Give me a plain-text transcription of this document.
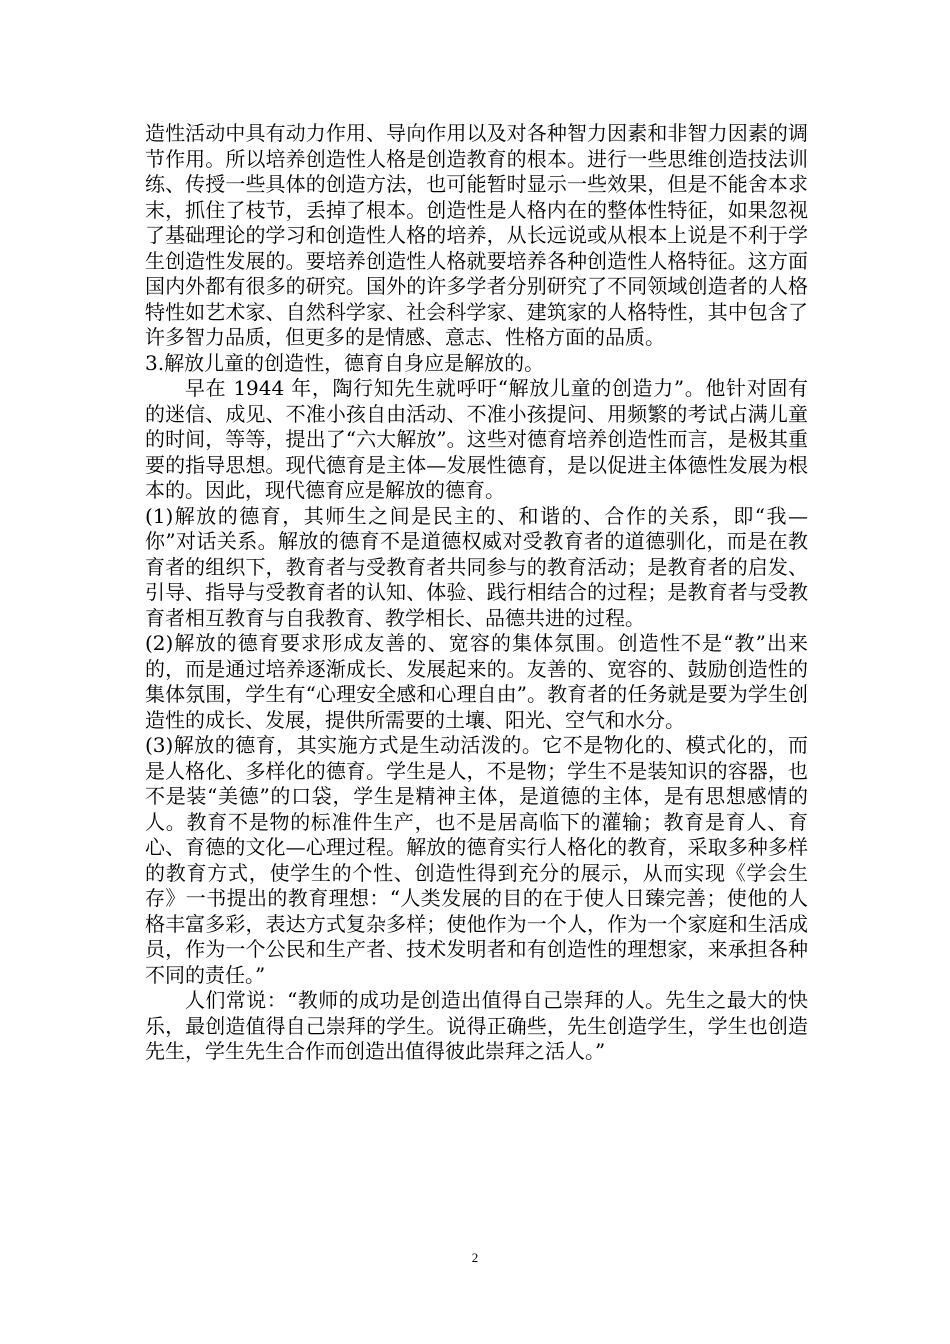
造性活动中具有动力作用、导向作用以及对各种智力因素和非智力因素的调节作用。所以培养创造性人格是创造教育的根本。进行一些思维创造技法训练、传授一些具体的创造方法，也可能暂时显示一些效果，但是不能舍本求末，抓住了枝节，丢掉了根本。创造性是人格内在的整体性特征，如果忽视了基础理论的学习和创造性人格的培养，从长远说或从根本上说是不利于学生创造性发展的。要培养创造性人格就要培养各种创造性人格特征。这方面国内外都有很多的研究。国外的许多学者分别研究了不同领域创造者的人格特性如艺术家、自然科学家、社会科学家、建筑家的人格特性，其中包含了许多智力品质，但更多的是情感、意志、性格方面的品质。

3.解放儿童的创造性，德育自身应是解放的。

早在 1944 年，陶行知先生就呼吁“解放儿童的创造力”。他针对固有的迷信、成见、不准小孩自由活动、不准小孩提问、用频繁的考试占满儿童的时间，等等，提出了“六大解放”。这些对德育培养创造性而言，是极其重要的指导思想。现代德育是主体—发展性德育，是以促进主体德性发展为根本的。因此，现代德育应是解放的德育。

(1)解放的德育，其师生之间是民主的、和谐的、合作的关系，即“我—你”对话关系。解放的德育不是道德权威对受教育者的道德驯化，而是在教育者的组织下，教育者与受教育者共同参与的教育活动；是教育者的启发、引导、指导与受教育者的认知、体验、践行相结合的过程；是教育者与受教育者相互教育与自我教育、教学相长、品德共进的过程。

(2)解放的德育要求形成友善的、宽容的集体氛围。创造性不是“教”出来的，而是通过培养逐渐成长、发展起来的。友善的、宽容的、鼓励创造性的集体氛围，学生有“心理安全感和心理自由”。教育者的任务就是要为学生创造性的成长、发展，提供所需要的土壤、阳光、空气和水分。

(3)解放的德育，其实施方式是生动活泼的。它不是物化的、模式化的，而是人格化、多样化的德育。学生是人，不是物；学生不是装知识的容器，也不是装“美德”的口袋，学生是精神主体，是道德的主体，是有思想感情的人。教育不是物的标准件生产，也不是居高临下的灌输；教育是育人、育心、育德的文化—心理过程。解放的德育实行人格化的教育，采取多种多样的教育方式，使学生的个性、创造性得到充分的展示，从而实现《学会生存》一书提出的教育理想：“人类发展的目的在于使人日臻完善；使他的人格丰富多彩，表达方式复杂多样；使他作为一个人，作为一个家庭和生活成员，作为一个公民和生产者、技术发明者和有创造性的理想家，来承担各种不同的责任。”

人们常说：“教师的成功是创造出值得自己崇拜的人。先生之最大的快乐，最创造值得自己崇拜的学生。说得正确些，先生创造学生，学生也创造先生，学生先生合作而创造出值得彼此崇拜之活人。”

2
